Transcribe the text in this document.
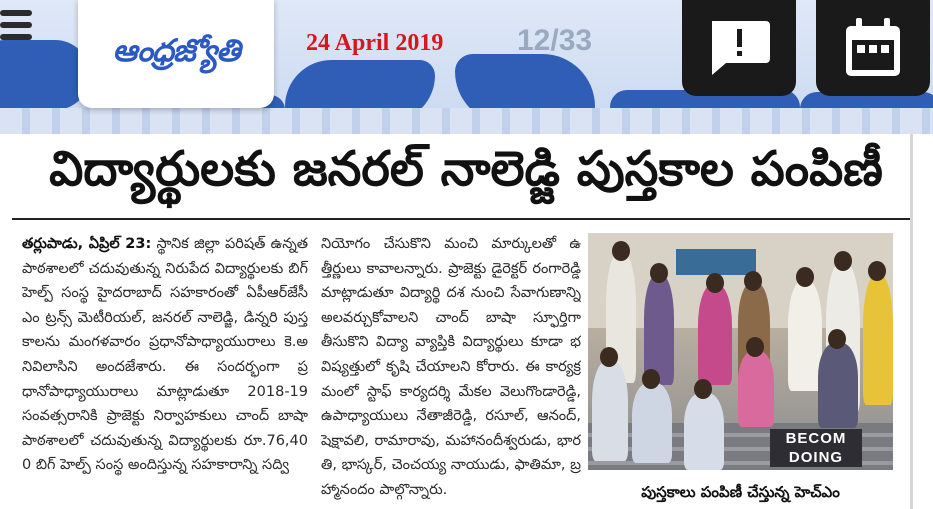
ఆంధ్రజ్యోతి	24 April 2019 12/33
విద్యార్థులకు జనరల్ నాలెడ్జి పుస్తకాల పంపిణీ

తర్లుపాడు, ఏప్రిల్ 23: స్థానిక జిల్లా పరిషత్ ఉన్నత పాఠశాలలో చదువుతున్న నిరుపేద విద్యార్థులకు బిగ్ హెల్ప్ సంస్థ హైదరాబాద్ సహకారంతో ఏపీఆర్‌జేసీ ఎం ట్రన్స్ మెటీరియల్, జనరల్ నాలెడ్జి, డిన్నరి పుస్తకాలను మంగళవారం ప్రధానోపాధ్యాయురాలు కె.అనివిలాసిని అందజేశారు. ఈ సందర్భంగా ప్రధానోపాధ్యాయురాలు మాట్లాడుతూ 2018-19 సంవత్సరానికి ప్రాజెక్టు నిర్వాహకులు చాంద్ బాషా పాఠశాలలో చదువుతున్న విద్యార్థులకు రూ.76,400 బిగ్ హెల్ప్ సంస్థ అందిస్తున్న సహకారాన్ని సద్వి

నియోగం చేసుకొని మంచి మార్కులతో ఉత్తీర్ణులు కావాలన్నారు. ప్రాజెక్టు డైరెక్టర్ రంగారెడ్డి మాట్లాడుతూ విద్యార్థి దశ నుంచి సేవాగుణాన్ని అలవర్చుకోవాలని చాంద్ బాషా స్ఫూర్తిగా తీసుకొని విద్యా వ్యాప్తికి విద్యార్థులు కూడా భవిష్యత్తులో కృషి చేయాలని కోరారు. ఈ కార్యక్రమంలో స్టాఫ్ కార్యదర్శి మేకల వెలుగొండారెడ్డి, ఉపాధ్యాయులు నేతాజీరెడ్డి, రసూల్, ఆనంద్, షెక్షావలి, రామారావు, మహానందీశ్వరుడు, భారతి, భాస్కర్, చెంచయ్య నాయుడు, ఫాతిమా, బ్రహ్మానందం పాల్గొన్నారు.

BECOM
DOING
పుస్తకాలు పంపిణీ చేస్తున్న హెచ్ఎం
